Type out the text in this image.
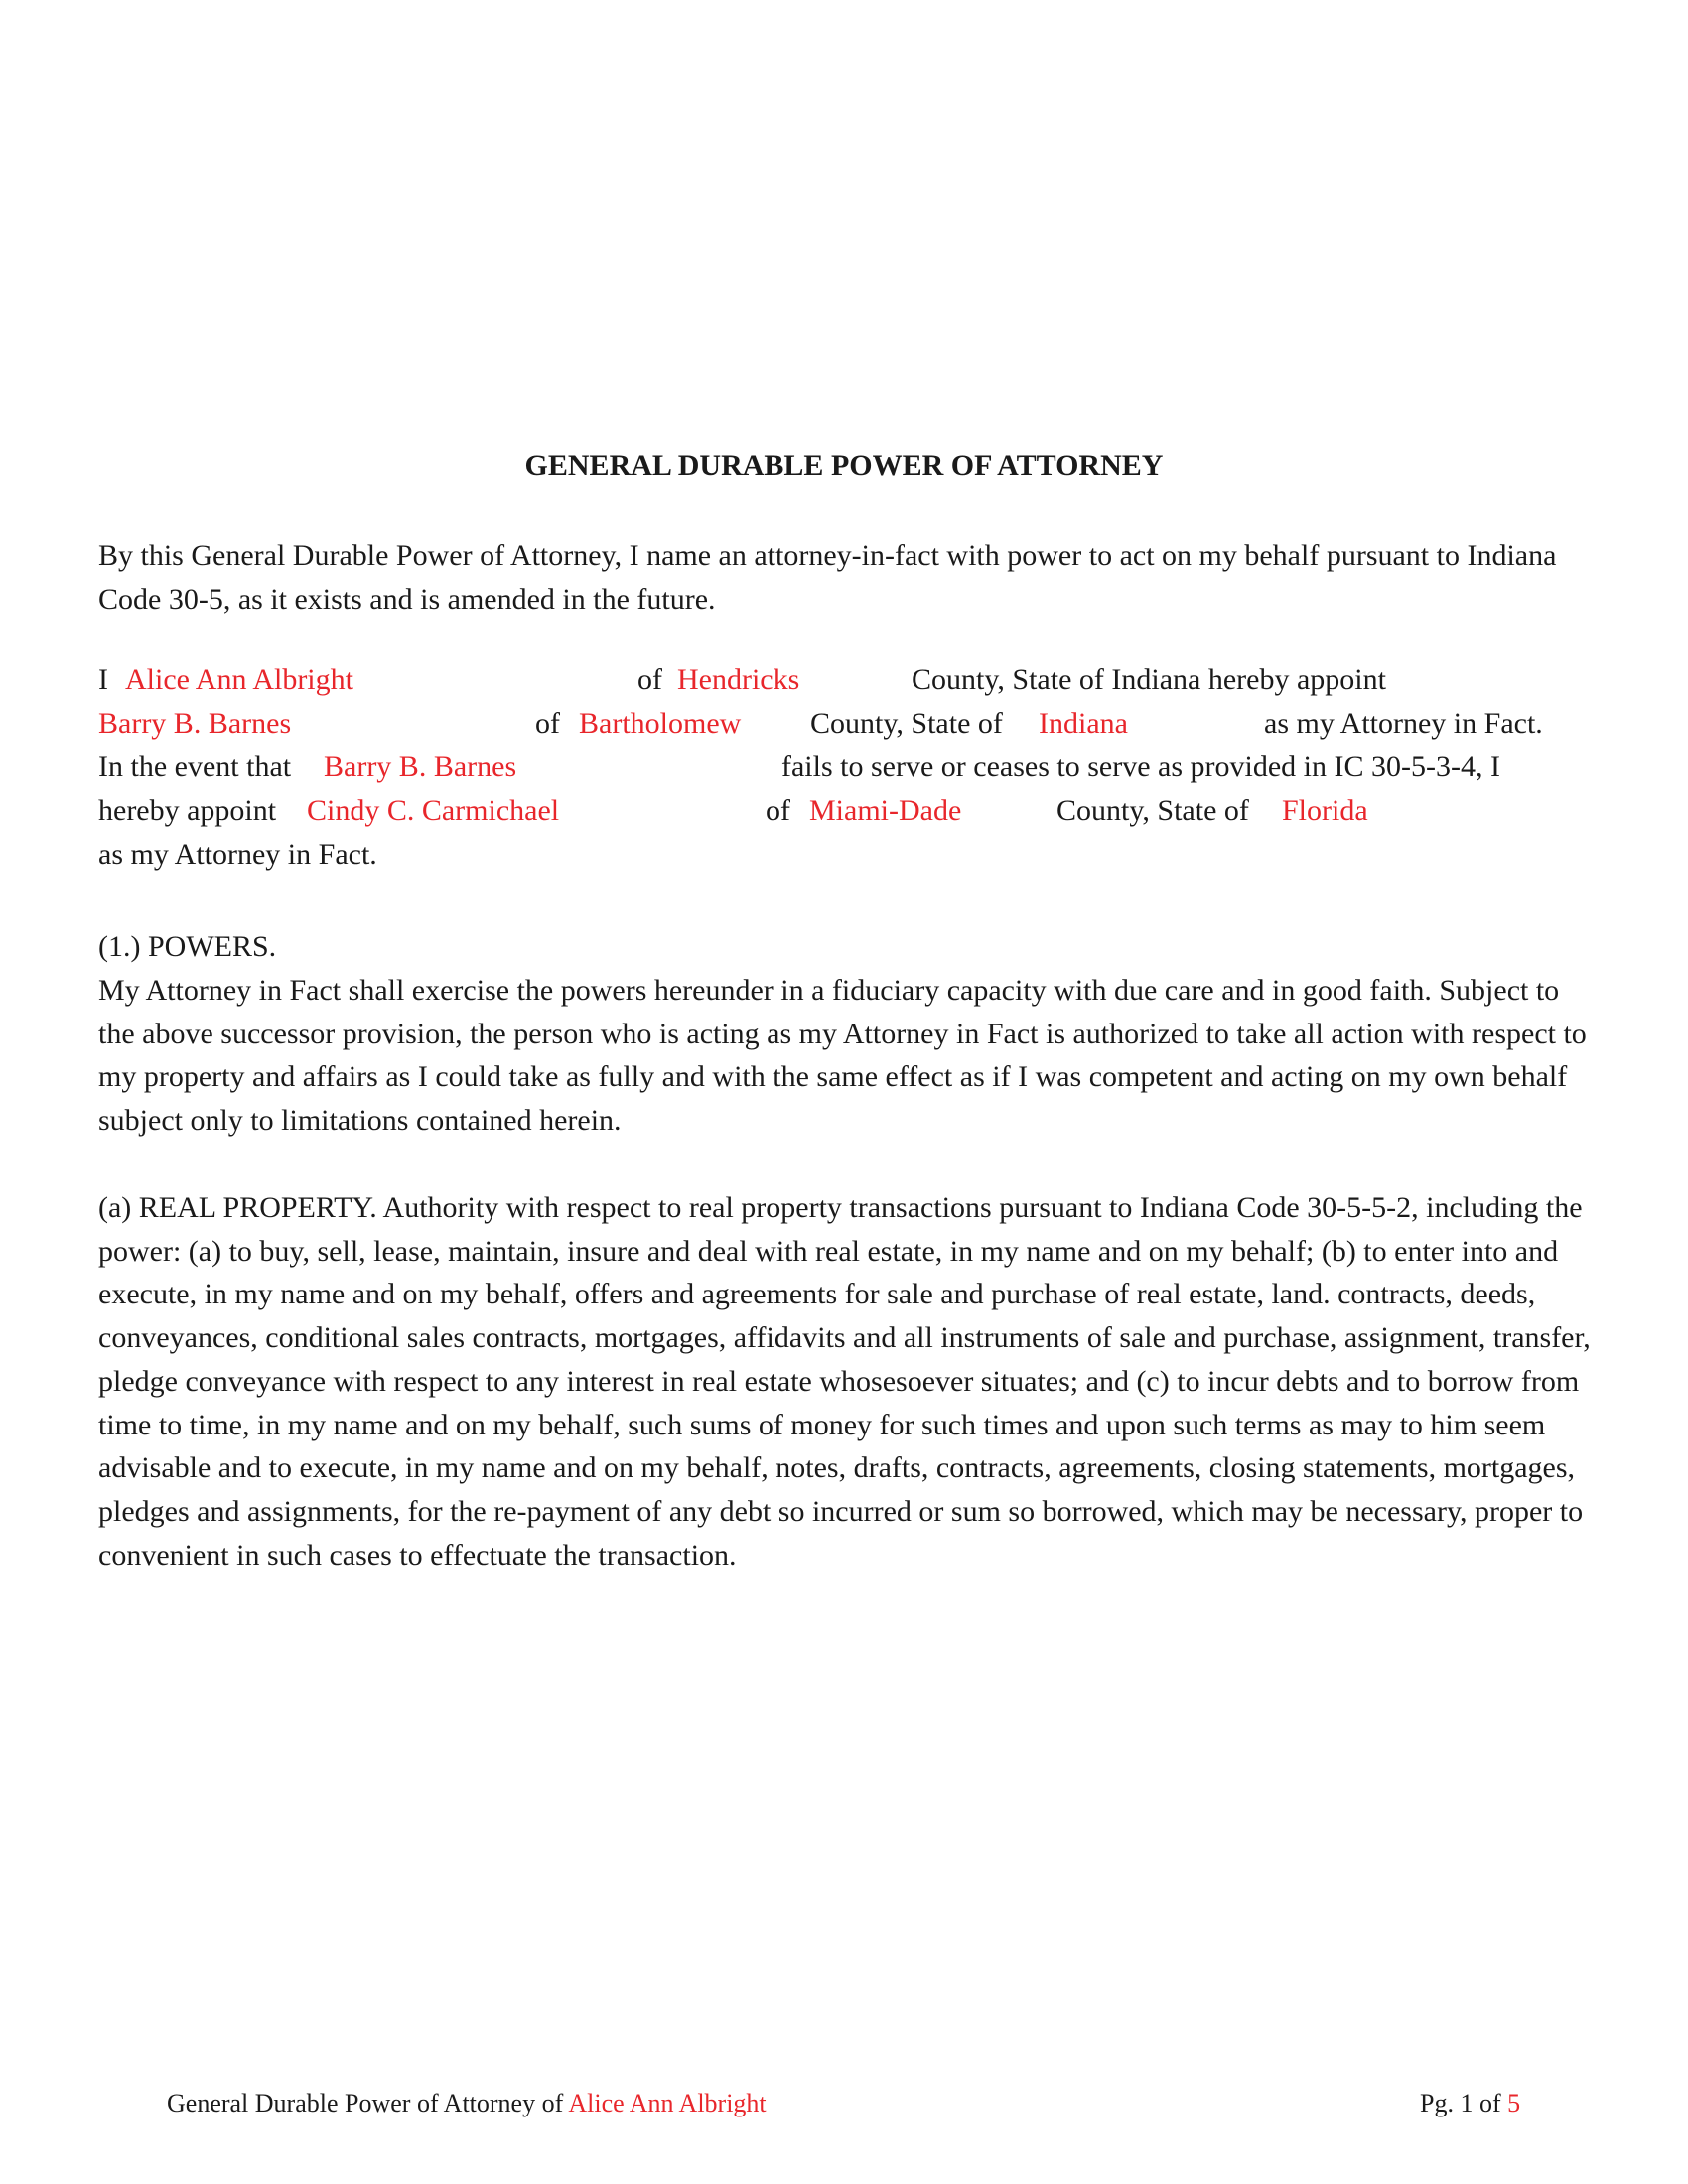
GENERAL DURABLE POWER OF ATTORNEY
By this General Durable Power of Attorney, I name an attorney-in-fact with power to act on my behalf pursuant to Indiana Code 30-5, as it exists and is amended in the future.
I Alice Ann Albright	of Hendricks	County, State of Indiana hereby appoint
Barry B. Barnes	of Bartholomew County, State of Indiana	as my Attorney in Fact.
In the event that Barry B. Barnes	fails to serve or ceases to serve as provided in IC 30-5-3-4, I
hereby appoint Cindy C. Carmichael	of Miami-Dade	County, State of Florida
as my Attorney in Fact.
(1.) POWERS.
My Attorney in Fact shall exercise the powers hereunder in a fiduciary capacity with due care and in good faith. Subject to the above successor provision, the person who is acting as my Attorney in Fact is authorized to take all action with respect to my property and affairs as I could take as fully and with the same effect as if I was competent and acting on my own behalf subject only to limitations contained herein.
(a) REAL PROPERTY. Authority with respect to real property transactions pursuant to Indiana Code 30-5-5-2, including the power: (a) to buy, sell, lease, maintain, insure and deal with real estate, in my name and on my behalf; (b) to enter into and execute, in my name and on my behalf, offers and agreements for sale and purchase of real estate, land. contracts, deeds, conveyances, conditional sales contracts, mortgages, affidavits and all instruments of sale and purchase, assignment, transfer, pledge conveyance with respect to any interest in real estate whosesoever situates; and (c) to incur debts and to borrow from time to time, in my name and on my behalf, such sums of money for such times and upon such terms as may to him seem advisable and to execute, in my name and on my behalf, notes, drafts, contracts, agreements, closing statements, mortgages, pledges and assignments, for the re-payment of any debt so incurred or sum so borrowed, which may be necessary, proper to convenient in such cases to effectuate the transaction.
General Durable Power of Attorney of Alice Ann Albright	Pg. 1 of 5
